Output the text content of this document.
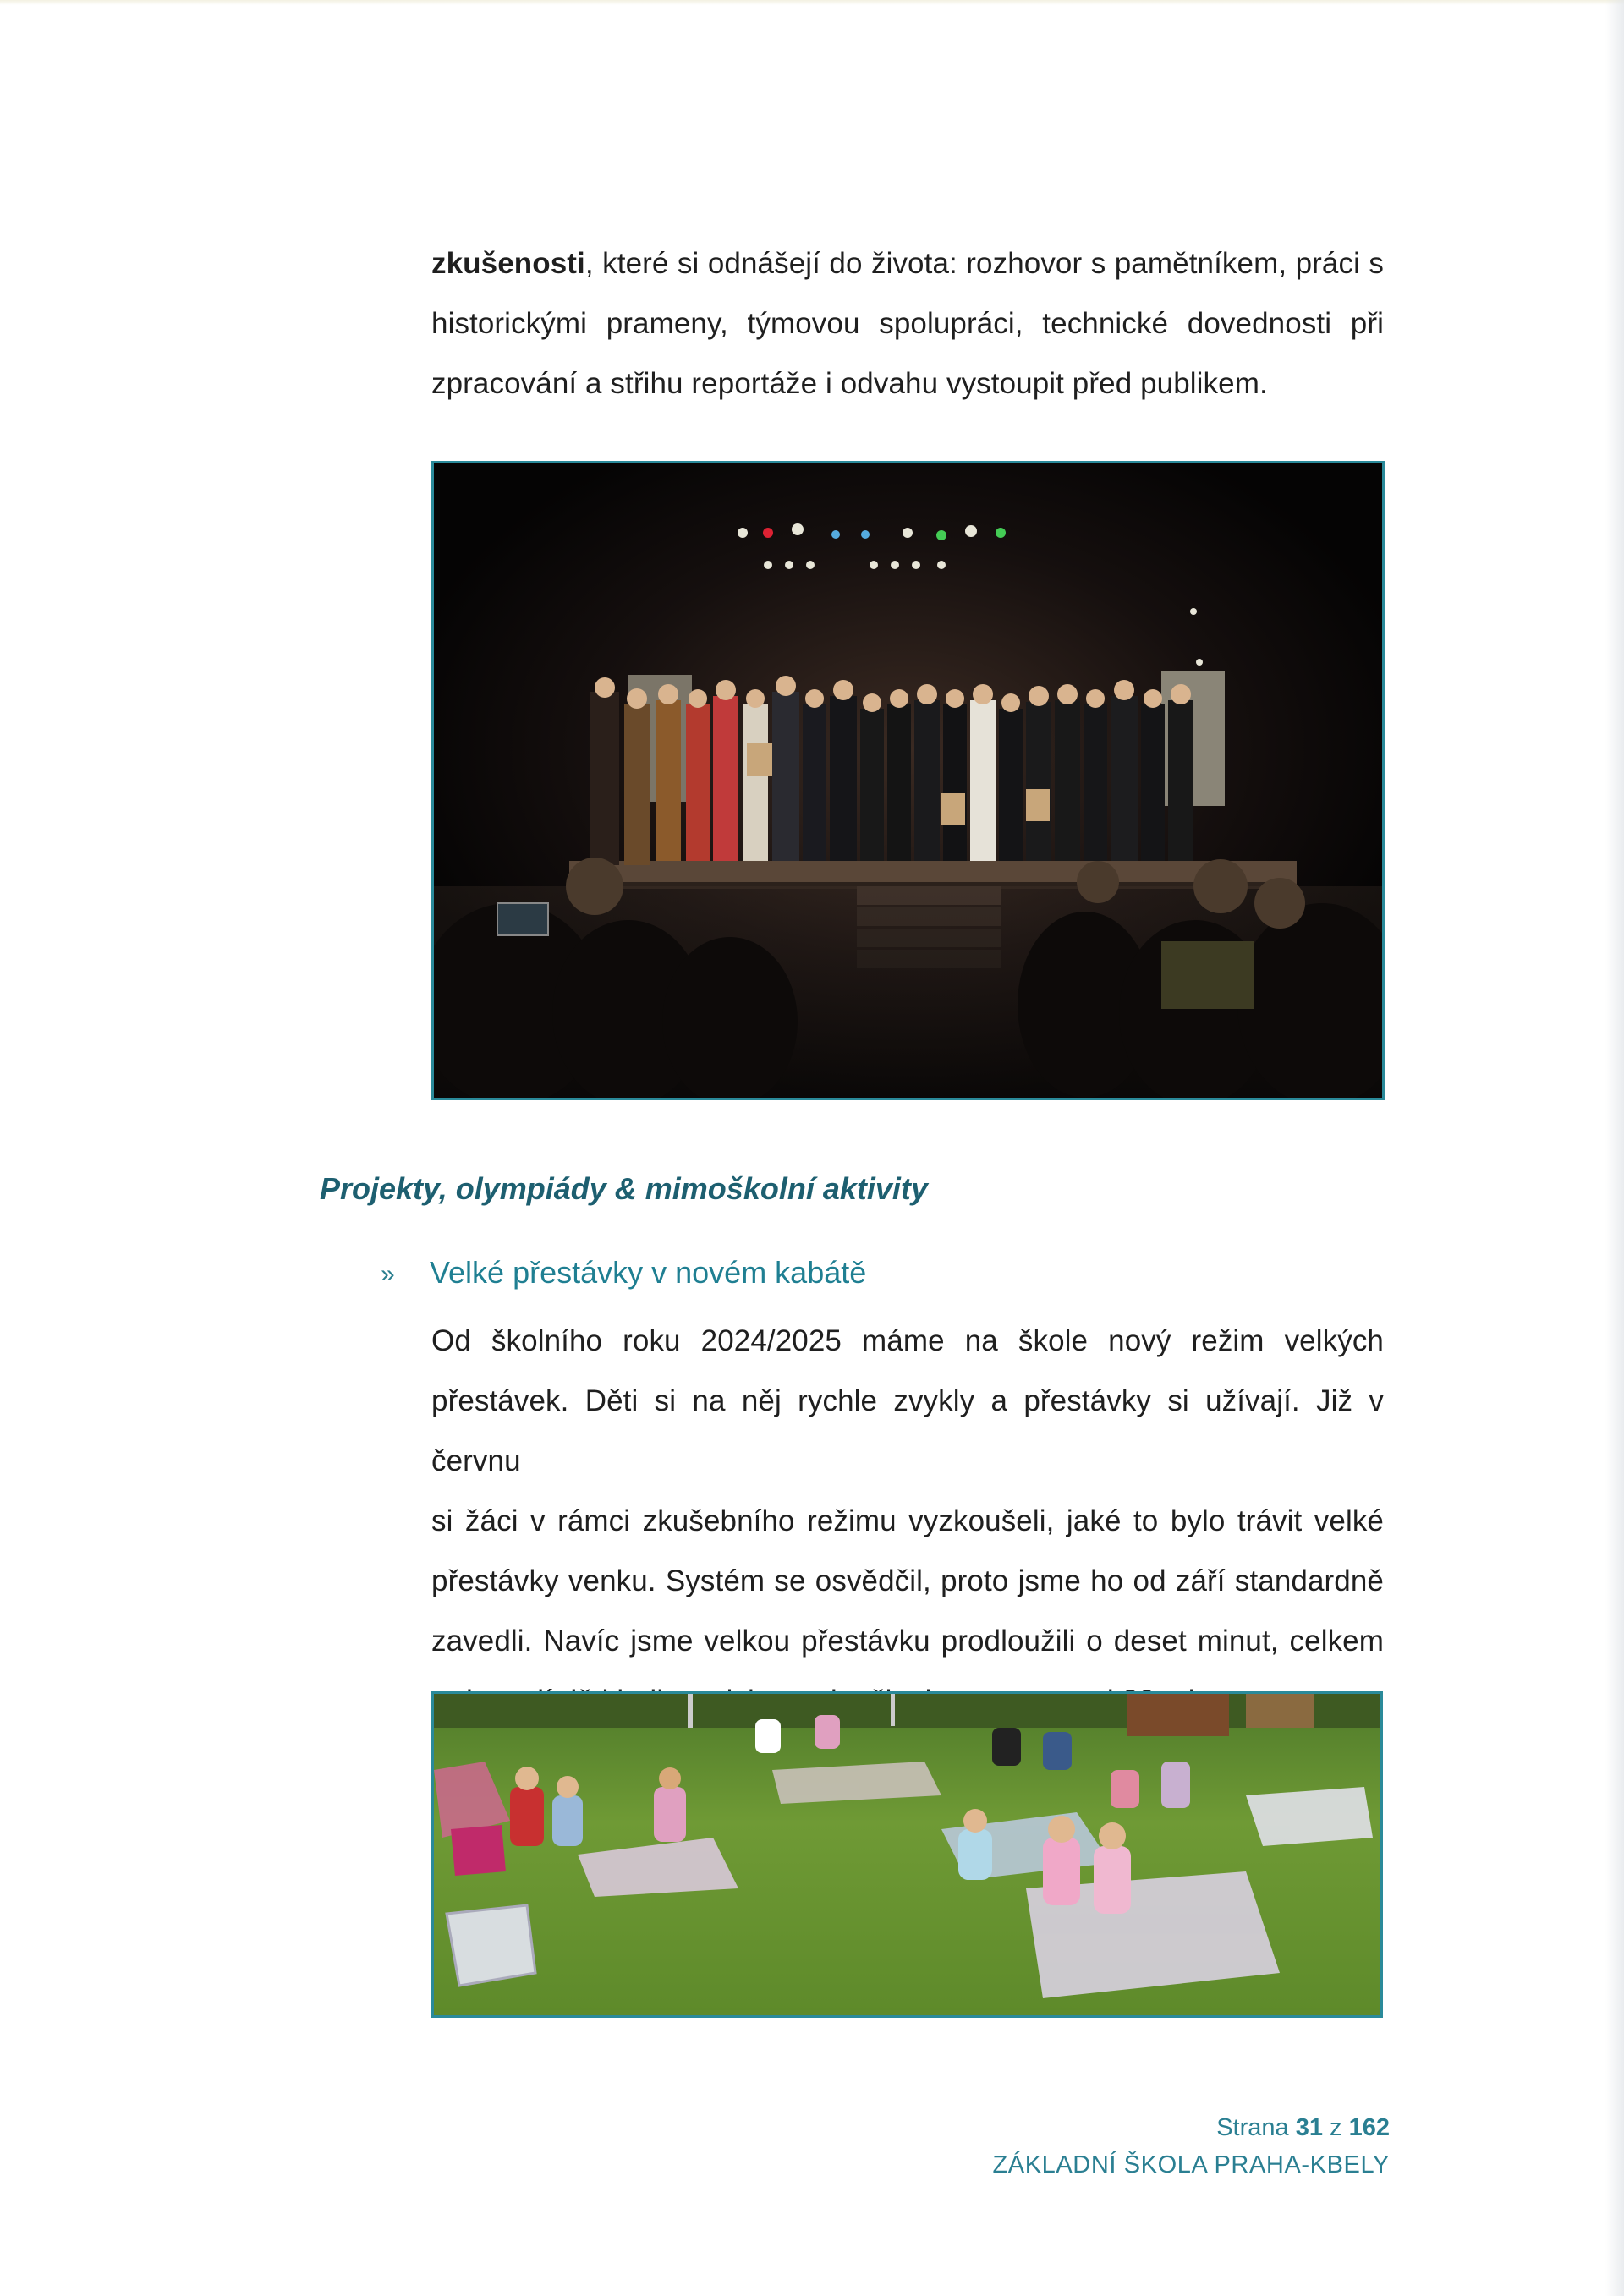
zkušenosti, které si odnášejí do života: rozhovor s pamětníkem, práci s
historickými prameny, týmovou spolupráci, technické dovednosti při
zpracování a střihu reportáže i odvahu vystoupit před publikem.
Projekty, olympiády & mimoškolní aktivity
» Velké přestávky v novém kabátě
Od školního roku 2024/2025 máme na škole nový režim velkých
přestávek. Děti si na něj rychle zvykly a přestávky si užívají. Již v červnu
si žáci v rámci zkušebního režimu vyzkoušeli, jaké to bylo trávit velké
přestávky venku. Systém se osvědčil, proto jsme ho od září standardně
zavedli. Navíc jsme velkou přestávku prodloužili o deset minut, celkem
Strana 31 z 162
ZÁKLADNÍ ŠKOLA PRAHA-KBELY
